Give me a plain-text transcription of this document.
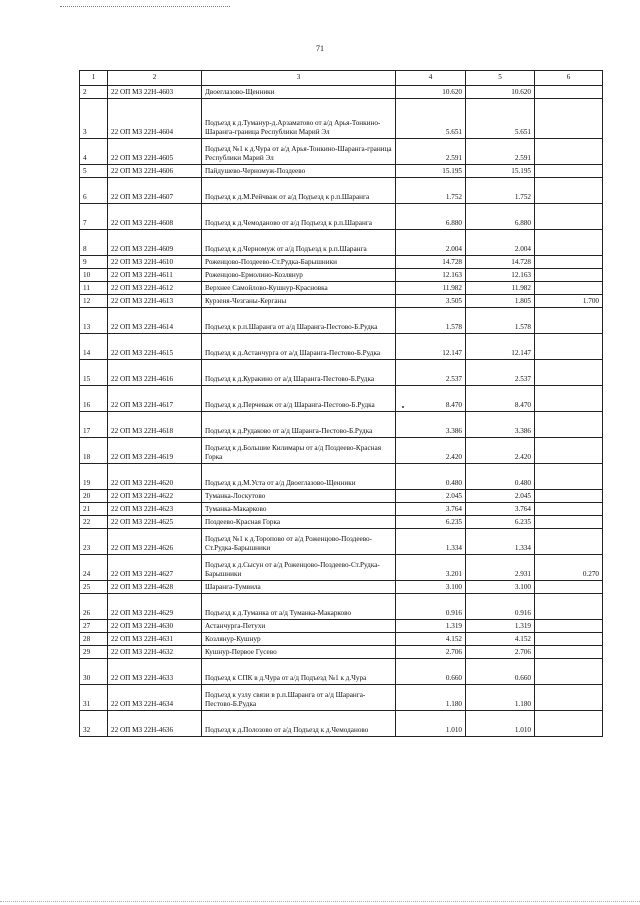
71
1	2	3	4	5	6
2	22 ОП МЗ 22Н-4603	Двоеглазово-Щенники	10.620	10.620	
3	22 ОП МЗ 22Н-4604	Подъезд к д.Туманур-д.Арзаматово от а/д Арья-Тонкино-Шаранга-граница Республики Марий Эл	5.651	5.651	
4	22 ОП МЗ 22Н-4605	Подъезд №1 к д.Чура от а/д Арья-Тонкино-Шаранга-граница Республики Марий Эл	2.591	2.591	
5	22 ОП МЗ 22Н-4606	Пайдушево-Черномуж-Поздеево	15.195	15.195	
6	22 ОП МЗ 22Н-4607	Подъезд к д.М.Рейчваж от а/д Подъезд к р.п.Шаранга	1.752	1.752	
7	22 ОП МЗ 22Н-4608	Подъезд к д.Чемоданово от а/д Подъезд к р.п.Шаранга	6.880	6.880	
8	22 ОП МЗ 22Н-4609	Подъезд к д.Черномуж от а/д Подъезд к р.п.Шаранга	2.004	2.004	
9	22 ОП МЗ 22Н-4610	Роженцово-Поздеево-Ст.Рудка-Барышники	14.728	14.728	
10	22 ОП МЗ 22Н-4611	Роженцово-Ермолино-Козлянур	12.163	12.163	
11	22 ОП МЗ 22Н-4612	Верхнее Самойлово-Кушнур-Красновка	11.982	11.982	
12	22 ОП МЗ 22Н-4613	Курзеня-Чезганы-Керганы	3.505	1.805	1.700
13	22 ОП МЗ 22Н-4614	Подъезд к р.п.Шаранга от а/д Шаранга-Пестово-Б.Рудка	1.578	1.578	
14	22 ОП МЗ 22Н-4615	Подъезд к д.Астанчурга от а/д Шаранга-Пестово-Б.Рудка	12.147	12.147	
15	22 ОП МЗ 22Н-4616	Подъезд к д.Куракино от а/д Шаранга-Пестово-Б.Рудка	2.537	2.537	
16	22 ОП МЗ 22Н-4617	Подъезд к д.Перчеваж от а/д Шаранга-Пестово-Б.Рудка	8.470	8.470	
17	22 ОП МЗ 22Н-4618	Подъезд к д.Рудаково от а/д Шаранга-Пестово-Б.Рудка	3.386	3.386	
18	22 ОП МЗ 22Н-4619	Подъезд к д.Большие Килимары от а/д Поздеево-Красная Горка	2.420	2.420	
19	22 ОП МЗ 22Н-4620	Подъезд к д.М.Уста от а/д Двоеглазово-Щенники	0.480	0.480	
20	22 ОП МЗ 22Н-4622	Туманка-Лоскутово	2.045	2.045	
21	22 ОП МЗ 22Н-4623	Туманка-Макарково	3.764	3.764	
22	22 ОП МЗ 22Н-4625	Поздеево-Красная Горка	6.235	6.235	
23	22 ОП МЗ 22Н-4626	Подъезд №1 к д.Торопово от а/д Роженцово-Поздеево-Ст.Рудка-Барышники	1.334	1.334	
24	22 ОП МЗ 22Н-4627	Подъезд к д.Сысун от а/д Роженцово-Поздеево-Ст.Рудка-Барышники	3.201	2.931	0.270
25	22 ОП МЗ 22Н-4628	Шаранга-Тумвила	3.100	3.100	
26	22 ОП МЗ 22Н-4629	Подъезд к д.Туманка от а/д Туманка-Макарково	0.916	0.916	
27	22 ОП МЗ 22Н-4630	Астанчурга-Петухи	1.319	1.319	
28	22 ОП МЗ 22Н-4631	Козлянур-Кушнур	4.152	4.152	
29	22 ОП МЗ 22Н-4632	Кушнур-Первое Гусево	2.706	2.706	
30	22 ОП МЗ 22Н-4633	Подъезд к СПК в д.Чура от а/д Подъезд №1 к д.Чура	0.660	0.660	
31	22 ОП МЗ 22Н-4634	Подъезд к узлу связи в р.п.Шаранга от а/д Шаранга-Пестово-Б.Рудка	1.180	1.180	
32	22 ОП МЗ 22Н-4636	Подъезд к д.Полозово от а/д Подъезд к д.Чемоданово	1.010	1.010	
